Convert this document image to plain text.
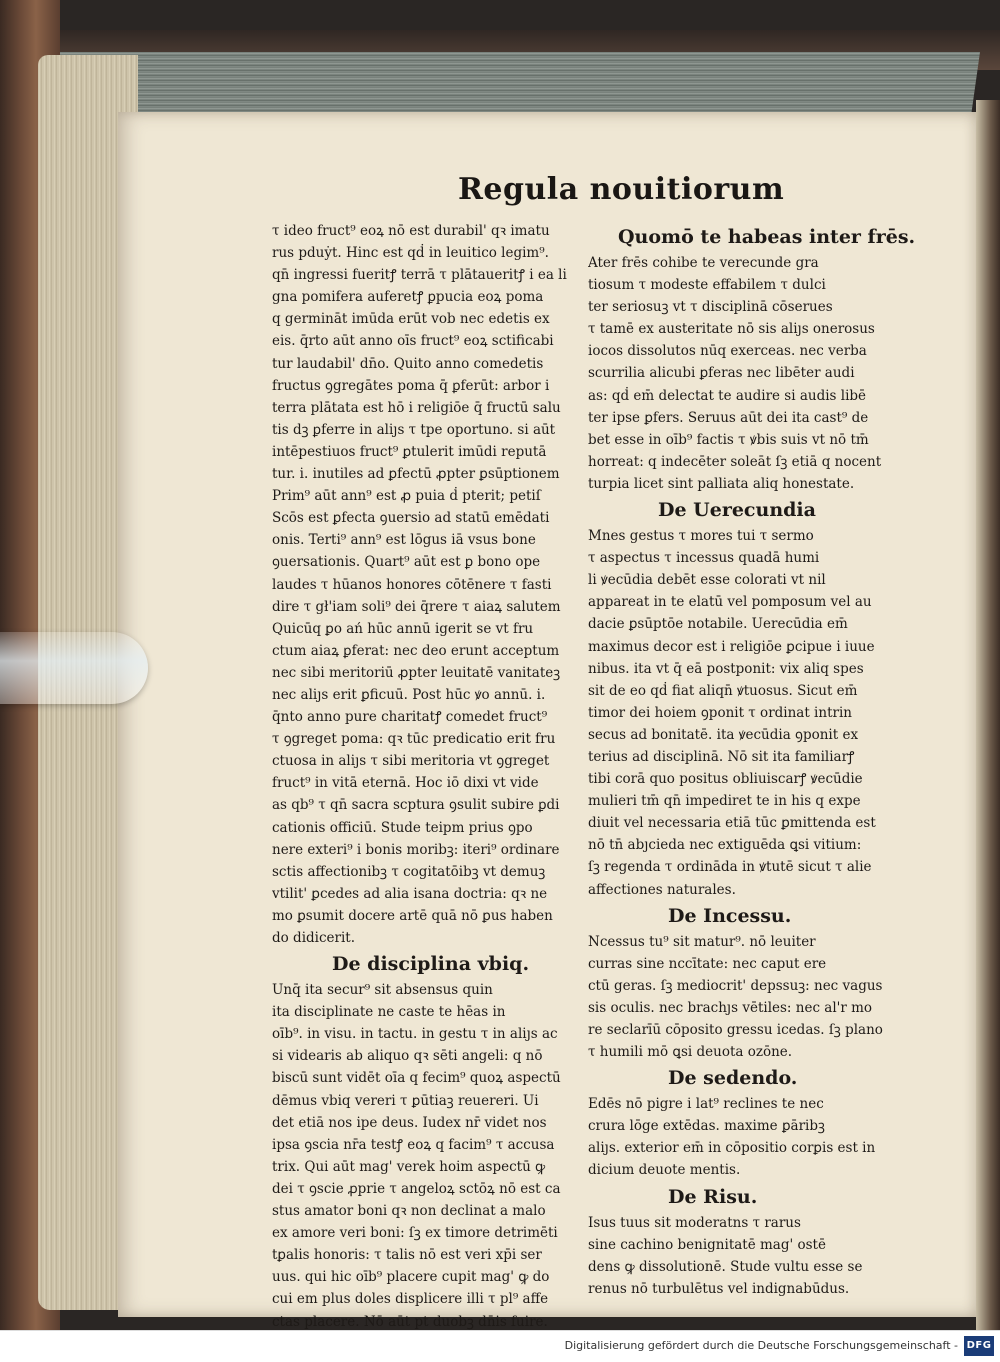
Regula nouitiorum
τ ideo fruct⁹ eoꝝ nō est durabil' qꝛ imatu
rus pduẏt. Hinc est qḋ in leuitico legim⁹.
qn̄ ingressi fueritꝭ terrā τ plātaueritꝭ i ea li
gna pomifera auferetꝭ ꝑpucia eoꝝ poma
q germināt imūda erūt vob nec edetis ex
eis. q̄rto aūt anno oīs fruct⁹ eoꝝ sctificabi
tur laudabil' dn̄o. Quito anno comedetis
fructus ꝯgregātes poma q̄ ꝑferūt: arbor i
terra plātata est hō i religiōe q̄ fructū salu
tis dꝫ ꝑferre in aliȷs τ tpe oportuno. si aūt
intēpestiuos fruct⁹ ꝑtulerit imūdi reputā
tur. i. inutiles ad ꝑfectū ꝓpter ꝑsūptionem
Prim⁹ aūt ann⁹ est ꝓ puia ḋ pterit; petiſ
Scōs est ꝑfecta ꝯuersio ad statū emēdati
onis. Terti⁹ ann⁹ est lōgus iā vsus bone
ꝯuersationis. Quart⁹ aūt est ꝑ bono ope
laudes τ hūanos honores cōtēnere τ fasti
dire τ gł'iam soli⁹ dei q̄rere τ aiaꝝ salutem
Quicūq ꝑo ań hūc annū igerit se vt fru
ctum aiaꝝ ꝑferat: nec deo erunt acceptum
nec sibi meritoriū ꝓpter leuitatē vanitateꝫ
nec aliȷs erit ꝑficuū. Post hūc ꝟo annū. i.
q̄nto anno pure charitatꝭ comedet fruct⁹
τ ꝯgreget poma: qꝛ tūc predicatio erit fru
ctuosa in aliȷs τ sibi meritoria vt ꝯgreget
fruct⁹ in vitā eternā. Hoc iō dixi vt vide
as qb⁹ τ qn̄ sacra scptura ꝯsulit subire ꝑdi
cationis officiū. Stude teipm prius ꝯpo
nere exteri⁹ i bonis moribꝫ: iteri⁹ ordinare
sctis affectionibꝫ τ cogitatōibꝫ vt demuꝫ
vtilit' ꝑcedes ad alia isana doctria: qꝛ ne
mo ꝑsumit docere artē quā nō ꝑus haben
do didicerit.
De disciplina vbiq.
Unq̄ ita secur⁹ sit absensus quin
ita disciplinate ne caste te hēas in
oīb⁹. in visu. in tactu. in gestu τ in aliȷs ac
si videaris ab aliquo qꝛ sēti angeli: q nō
biscū sunt vidēt oīa q fecim⁹ quoꝝ aspectū
dēmus vbiq vereri τ ꝑūtiaꝫ reuereri. Ui
det etiā nos ipe deus. Iudex nr̄ videt nos
ipsa ꝯscia nr̄a testꝭ eoꝝ q facim⁹ τ accusa
trix. Qui aūt mag' verek hoim aspectū ꝙ
dei τ ꝯscie ꝓprie τ angeloꝝ sctōꝝ nō est ca
stus amator boni qꝛ non declinat a malo
ex amore veri boni: ſꝫ ex timore detrimēti
tꝑalis honoris: τ talis nō est veri xp̄i ser
uus. qui hic oīb⁹ placere cupit mag' ꝙ do
cui em plus doles displicere illi τ pl⁹ affe
ctas placere. Nō aūt pt duobꝫ dn̄is fuire.
Quomō te habeas inter frēs.
Ater frēs cohibe te verecunde gra
tiosum τ modeste effabilem τ dulci
ter seriosuꝫ vt τ disciplinā cōserues
τ tamē ex austeritate nō sis aliȷs onerosus
iocos dissolutos nūq exerceas. nec verba
scurrilia alicubi ꝑferas nec libēter audi
as: qḋ em̄ delectat te audire si audis libē
ter ipse ꝑfers. Seruus aūt dei ita cast⁹ de
bet esse in oīb⁹ factis τ ꝟbis suis vt nō tm̄
horreat: q indecēter soleāt ſꝫ etiā q nocent
turpia licet sint palliata aliq honestate.
De Uerecundia
Mnes gestus τ mores tui τ sermo
τ aspectus τ incessus quadā humi
li ꝟecūdia debēt esse colorati vt nil
appareat in te elatū vel pomposum vel au
dacie ꝑsūptōe notabile. Uerecūdia em̄
maximus decor est i religiōe ꝑcipue i iuue
nibus. ita vt q̄ eā postponit: vix aliq spes
sit de eo qḋ fiat aliqn̄ ꝟtuosus. Sicut em̄
timor dei hoiem ꝯponit τ ordinat intrin
secus ad bonitatē. ita ꝟecūdia ꝯponit ex
terius ad disciplinā. Nō sit ita familiarꝭ
tibi corā quo positus obliuiscarꝭ ꝟecūdie
mulieri tm̄ qn̄ impediret te in his q expe
diuit vel necessaria etiā tūc ꝑmittenda est
nō tn̄ abȷcieda nec extiguēda ꝗsi vitium:
ſꝫ regenda τ ordināda in ꝟtutē sicut τ alie
affectiones naturales.
De Incessu.
Ncessus tu⁹ sit matur⁹. nō leuiter
curras sine nccītate: nec caput ere
ctū geras. ſꝫ mediocrit' depssuꝫ: nec vagus
sis oculis. nec brachȷs vētiles: nec al'r mo
re seclarīū cōposito gressu icedas. ſꝫ plano
τ humili mō ꝗsi deuota ozōne.
De sedendo.
Edēs nō pigre i lat⁹ reclines te nec
crura lōge extēdas. maxime ꝑāribꝫ
aliȷs. exterior em̄ in cōpositio corꝑis est in
dicium deuote mentis.
De Risu.
Isus tuus sit moderatns τ rarus
sine cachino benignitatē mag' ostē
dens ꝙ dissolutionē. Stude vultu esse se
renus nō turbulētus vel indignabūdus.
Digitalisierung gefördert durch die Deutsche Forschungsgemeinschaft - DFG
